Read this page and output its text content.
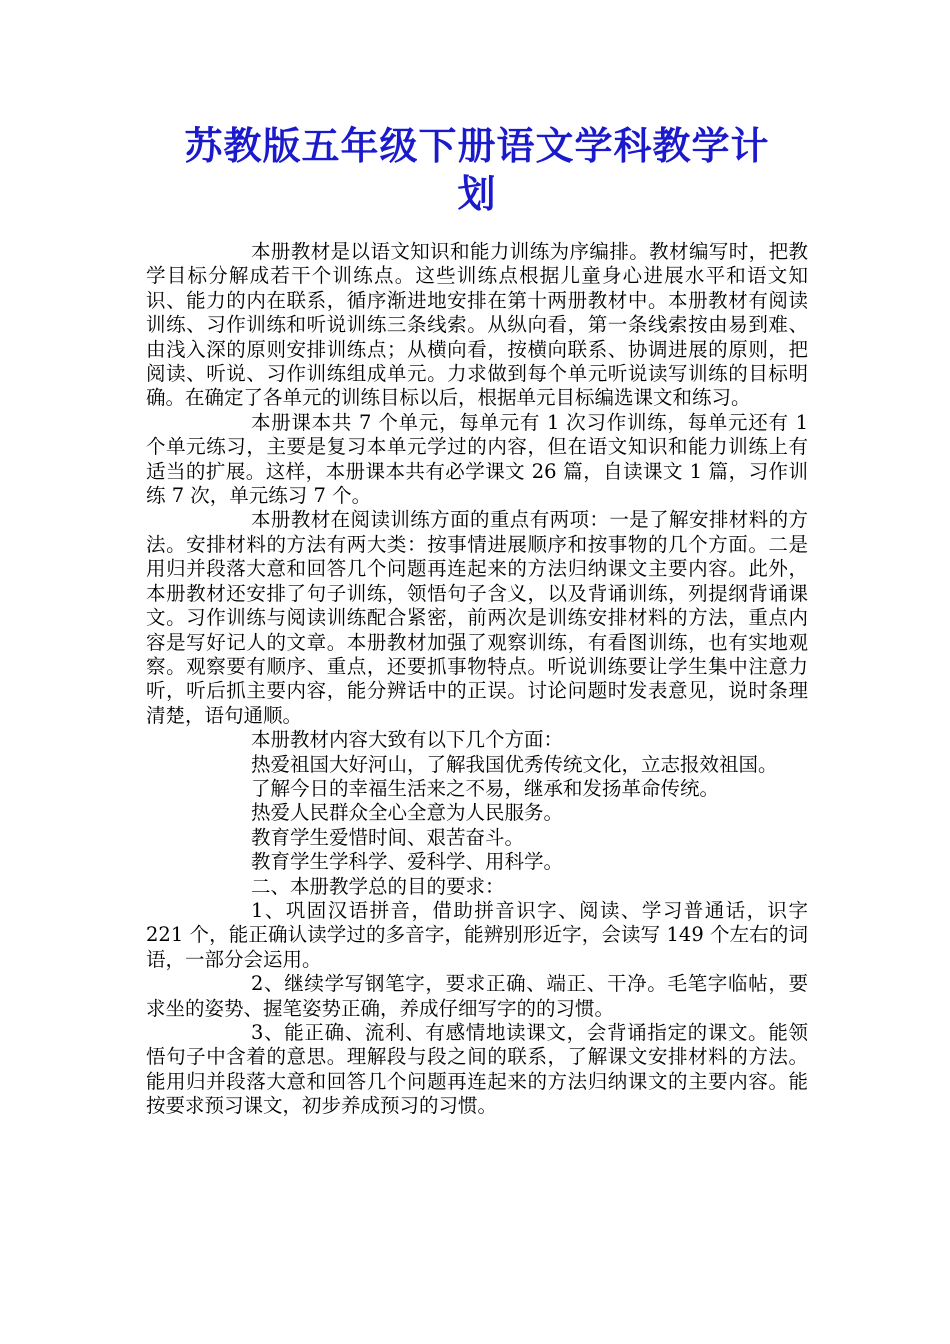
苏教版五年级下册语文学科教学计
划

本册教材是以语文知识和能力训练为序编排。教材编写时，把教学目标分解成若干个训练点。这些训练点根据儿童身心进展水平和语文知识、能力的内在联系，循序渐进地安排在第十两册教材中。本册教材有阅读训练、习作训练和听说训练三条线索。从纵向看，第一条线索按由易到难、由浅入深的原则安排训练点；从横向看，按横向联系、协调进展的原则，把阅读、听说、习作训练组成单元。力求做到每个单元听说读写训练的目标明确。在确定了各单元的训练目标以后，根据单元目标编选课文和练习。

本册课本共 7 个单元，每单元有 1 次习作训练，每单元还有 1 个单元练习，主要是复习本单元学过的内容，但在语文知识和能力训练上有适当的扩展。这样，本册课本共有必学课文 26 篇，自读课文 1 篇，习作训练 7 次，单元练习 7 个。

本册教材在阅读训练方面的重点有两项：一是了解安排材料的方法。安排材料的方法有两大类：按事情进展顺序和按事物的几个方面。二是用归并段落大意和回答几个问题再连起来的方法归纳课文主要内容。此外，本册教材还安排了句子训练，领悟句子含义，以及背诵训练，列提纲背诵课文。习作训练与阅读训练配合紧密，前两次是训练安排材料的方法，重点内容是写好记人的文章。本册教材加强了观察训练，有看图训练，也有实地观察。观察要有顺序、重点，还要抓事物特点。听说训练要让学生集中注意力听，听后抓主要内容，能分辨话中的正误。讨论问题时发表意见，说时条理清楚，语句通顺。

本册教材内容大致有以下几个方面：

热爱祖国大好河山，了解我国优秀传统文化，立志报效祖国。

了解今日的幸福生活来之不易，继承和发扬革命传统。

热爱人民群众全心全意为人民服务。

教育学生爱惜时间、艰苦奋斗。

教育学生学科学、爱科学、用科学。

二、本册教学总的目的要求：

1、巩固汉语拼音，借助拼音识字、阅读、学习普通话，识字 221 个，能正确认读学过的多音字，能辨别形近字，会读写 149 个左右的词语，一部分会运用。

2、继续学写钢笔字，要求正确、端正、干净。毛笔字临帖，要求坐的姿势、握笔姿势正确，养成仔细写字的的习惯。

3、能正确、流利、有感情地读课文，会背诵指定的课文。能领悟句子中含着的意思。理解段与段之间的联系，了解课文安排材料的方法。能用归并段落大意和回答几个问题再连起来的方法归纳课文的主要内容。能按要求预习课文，初步养成预习的习惯。
